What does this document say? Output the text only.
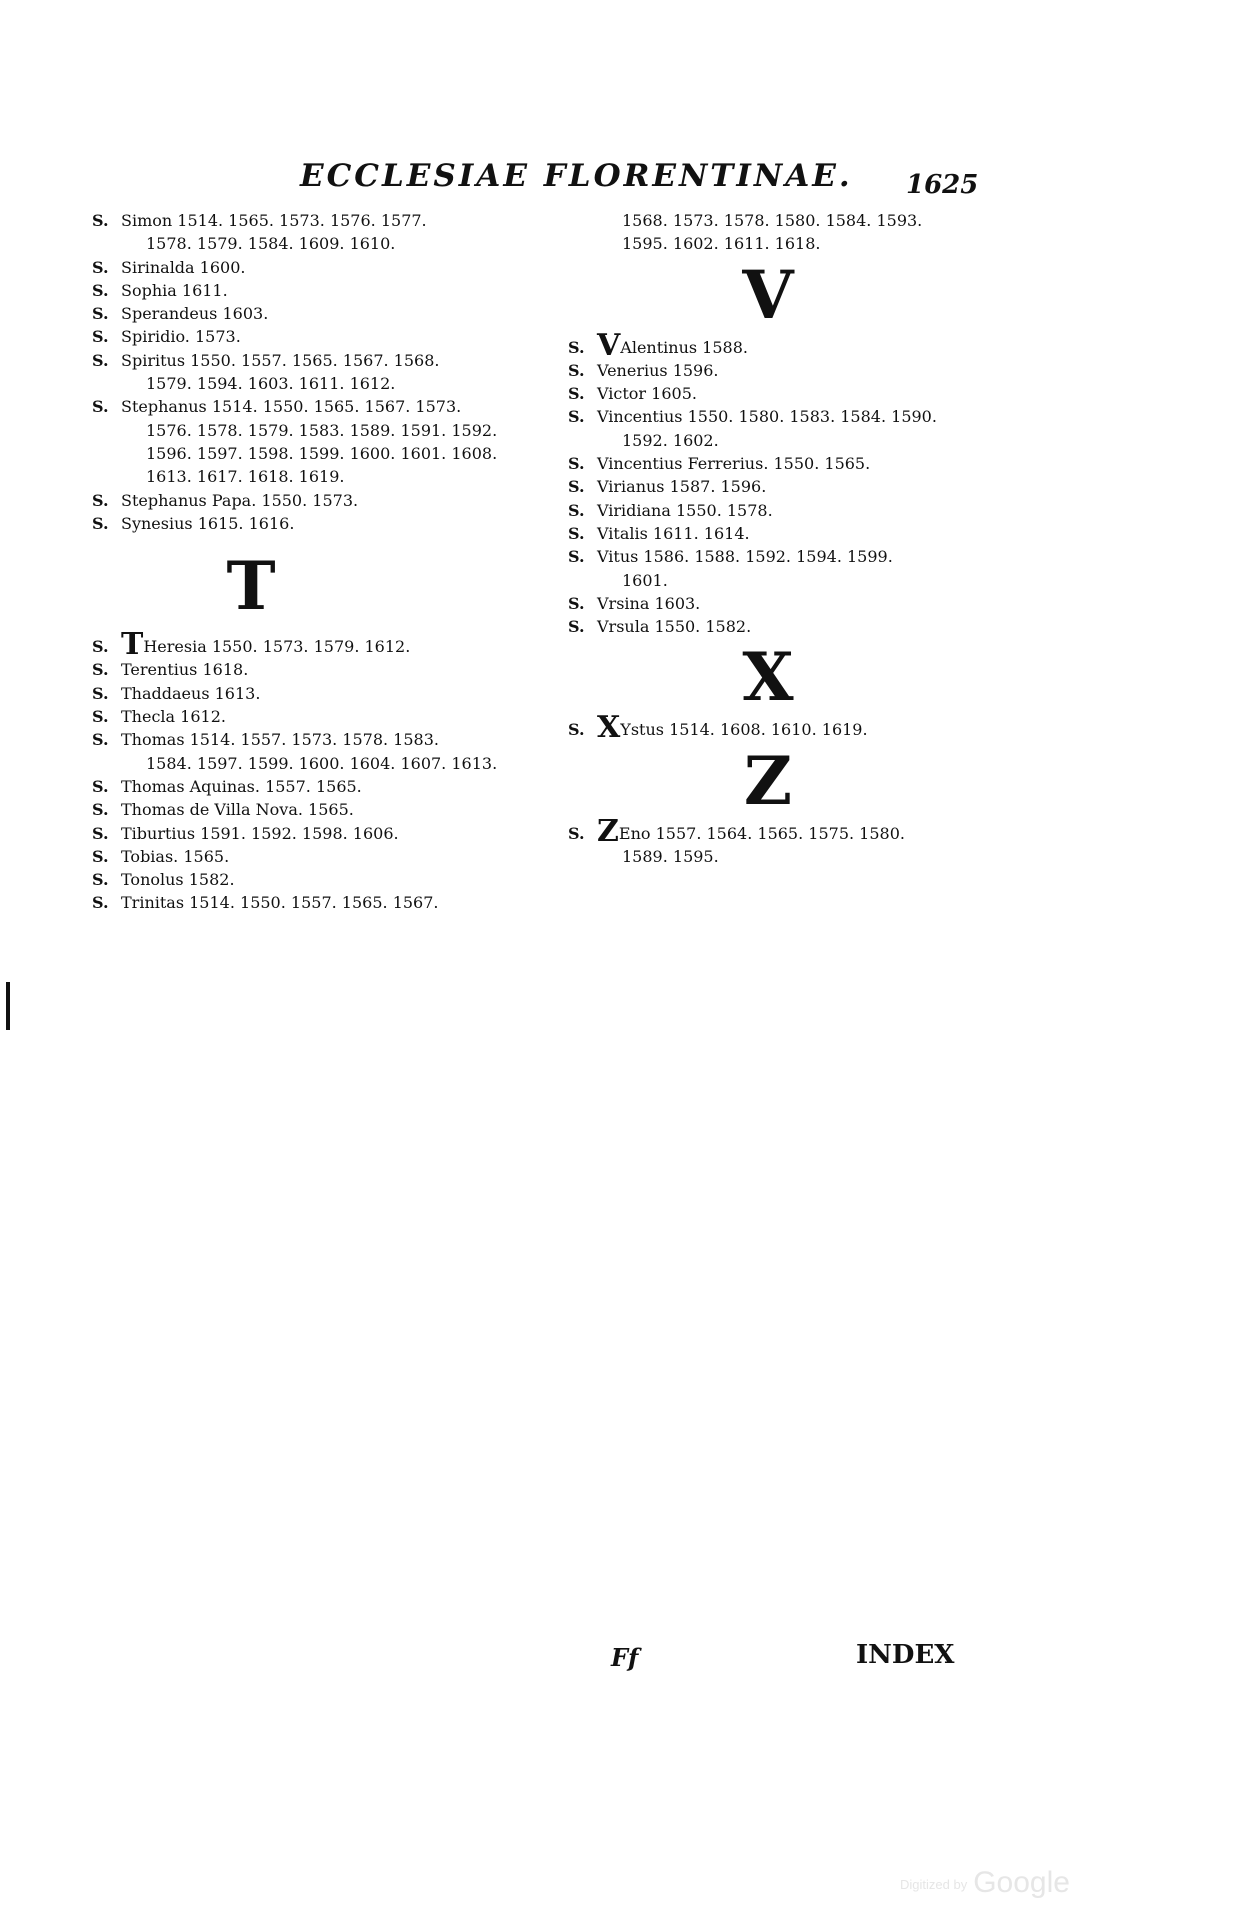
ECCLESIAE FLORENTINAE. 1625
S. Simon 1514. 1565. 1573. 1576. 1577.
1578. 1579. 1584. 1609. 1610.
S. Sirinalda 1600.
S. Sophia 1611.
S. Sperandeus 1603.
S. Spiridio. 1573.
S. Spiritus 1550. 1557. 1565. 1567. 1568.
1579. 1594. 1603. 1611. 1612.
S. Stephanus 1514. 1550. 1565. 1567. 1573.
1576. 1578. 1579. 1583. 1589. 1591. 1592.
1596. 1597. 1598. 1599. 1600. 1601. 1608.
1613. 1617. 1618. 1619.
S. Stephanus Papa. 1550. 1573.
S. Synesius 1615. 1616.
T
S. THeresia 1550. 1573. 1579. 1612.
S. Terentius 1618.
S. Thaddaeus 1613.
S. Thecla 1612.
S. Thomas 1514. 1557. 1573. 1578. 1583.
1584. 1597. 1599. 1600. 1604. 1607. 1613.
S. Thomas Aquinas. 1557. 1565.
S. Thomas de Villa Nova. 1565.
S. Tiburtius 1591. 1592. 1598. 1606.
S. Tobias. 1565.
S. Tonolus 1582.
S. Trinitas 1514. 1550. 1557. 1565. 1567.
1568. 1573. 1578. 1580. 1584. 1593.
1595. 1602. 1611. 1618.
V
S. VAlentinus 1588.
S. Venerius 1596.
S. Victor 1605.
S. Vincentius 1550. 1580. 1583. 1584. 1590.
1592. 1602.
S. Vincentius Ferrerius. 1550. 1565.
S. Virianus 1587. 1596.
S. Viridiana 1550. 1578.
S. Vitalis 1611. 1614.
S. Vitus 1586. 1588. 1592. 1594. 1599.
1601.
S. Vrsina 1603.
S. Vrsula 1550. 1582.
X
S. XYstus 1514. 1608. 1610. 1619.
Z
S. ZEno 1557. 1564. 1565. 1575. 1580.
1589. 1595.
Ff	INDEX
Digitized by Google
